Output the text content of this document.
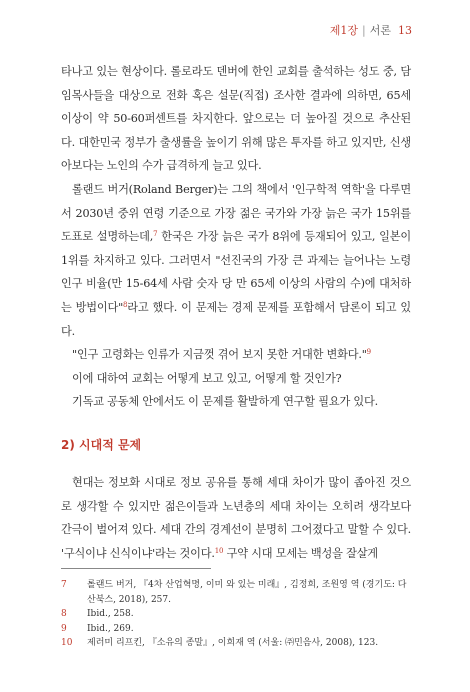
제1장 | 서론 13

타나고 있는 현상이다. 롤로라도 덴버에 한인 교회를 출석하는 성도 중, 담임목사들을 대상으로 전화 혹은 설문(직접) 조사한 결과에 의하면, 65세 이상이 약 50-60퍼센트를 차지한다. 앞으로는 더 높아질 것으로 추산된다. 대한민국 정부가 출생률을 높이기 위해 많은 투자를 하고 있지만, 신생아보다는 노인의 수가 급격하게 늘고 있다.

롤랜드 버거(Roland Berger)는 그의 책에서 '인구학적 역학'을 다루면서 2030년 중위 연령 기준으로 가장 젊은 국가와 가장 늙은 국가 15위를 도표로 설명하는데,$^7$ 한국은 가장 늙은 국가 8위에 등재되어 있고, 일본이 1위를 차지하고 있다. 그러면서 "선진국의 가장 큰 과제는 늘어나는 노령 인구 비율(만 15-64세 사람 숫자 당 만 65세 이상의 사람의 수)에 대처하는 방법이다"$^8$라고 했다. 이 문제는 경제 문제를 포함해서 담론이 되고 있다.

"인구 고령화는 인류가 지금껏 겪어 보지 못한 거대한 변화다."$^9$

이에 대하여 교회는 어떻게 보고 있고, 어떻게 할 것인가?

기독교 공동체 안에서도 이 문제를 활발하게 연구할 필요가 있다.

2) 시대적 문제

현대는 정보화 시대로 정보 공유를 통해 세대 차이가 많이 좁아진 것으로 생각할 수 있지만 젊은이들과 노년층의 세대 차이는 오히려 생각보다 간극이 벌어져 있다. 세대 간의 경계선이 분명히 그어졌다고 말할 수 있다. '구식이냐 신식이냐'라는 것이다.$^{10}$ 구약 시대 모세는 백성을 잘살게

7	롤랜드 버거, 『4차 산업혁명, 이미 와 있는 미래』, 김정희, 조원영 역 (경기도: 다산북스, 2018), 257.
8	Ibid., 258.
9	Ibid., 269.
10	제러미 리프킨, 『소유의 종말』, 이희재 역 (서울: ㈜민음사, 2008), 123.
